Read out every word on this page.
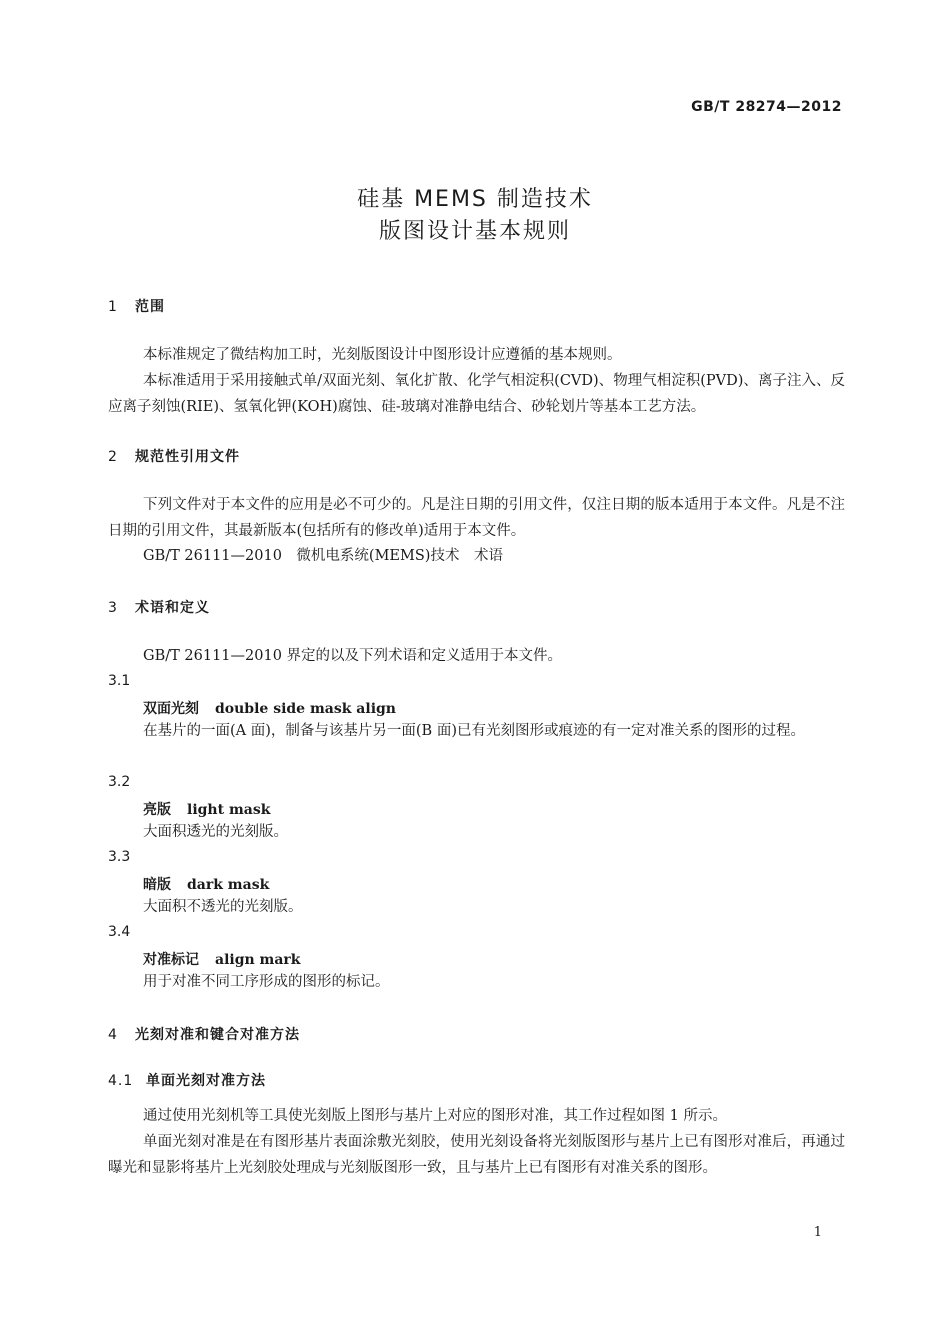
GB/T 28274—2012
硅基 MEMS 制造技术
版图设计基本规则
1 范围
本标准规定了微结构加工时，光刻版图设计中图形设计应遵循的基本规则。
本标准适用于采用接触式单/双面光刻、氧化扩散、化学气相淀积(CVD)、物理气相淀积(PVD)、离子注入、反应离子刻蚀(RIE)、氢氧化钾(KOH)腐蚀、硅-玻璃对准静电结合、砂轮划片等基本工艺方法。
2 规范性引用文件
下列文件对于本文件的应用是必不可少的。凡是注日期的引用文件，仅注日期的版本适用于本文件。凡是不注日期的引用文件，其最新版本(包括所有的修改单)适用于本文件。
GB/T 26111—2010　微机电系统(MEMS)技术　术语
3 术语和定义
GB/T 26111—2010 界定的以及下列术语和定义适用于本文件。
3.1
双面光刻 double side mask align
在基片的一面(A 面)，制备与该基片另一面(B 面)已有光刻图形或痕迹的有一定对准关系的图形的过程。
3.2
亮版 light mask
大面积透光的光刻版。
3.3
暗版 dark mask
大面积不透光的光刻版。
3.4
对准标记 align mark
用于对准不同工序形成的图形的标记。
4 光刻对准和键合对准方法
4.1 单面光刻对准方法
通过使用光刻机等工具使光刻版上图形与基片上对应的图形对准，其工作过程如图 1 所示。
单面光刻对准是在有图形基片表面涂敷光刻胶，使用光刻设备将光刻版图形与基片上已有图形对准后，再通过曝光和显影将基片上光刻胶处理成与光刻版图形一致，且与基片上已有图形有对准关系的图形。
1
